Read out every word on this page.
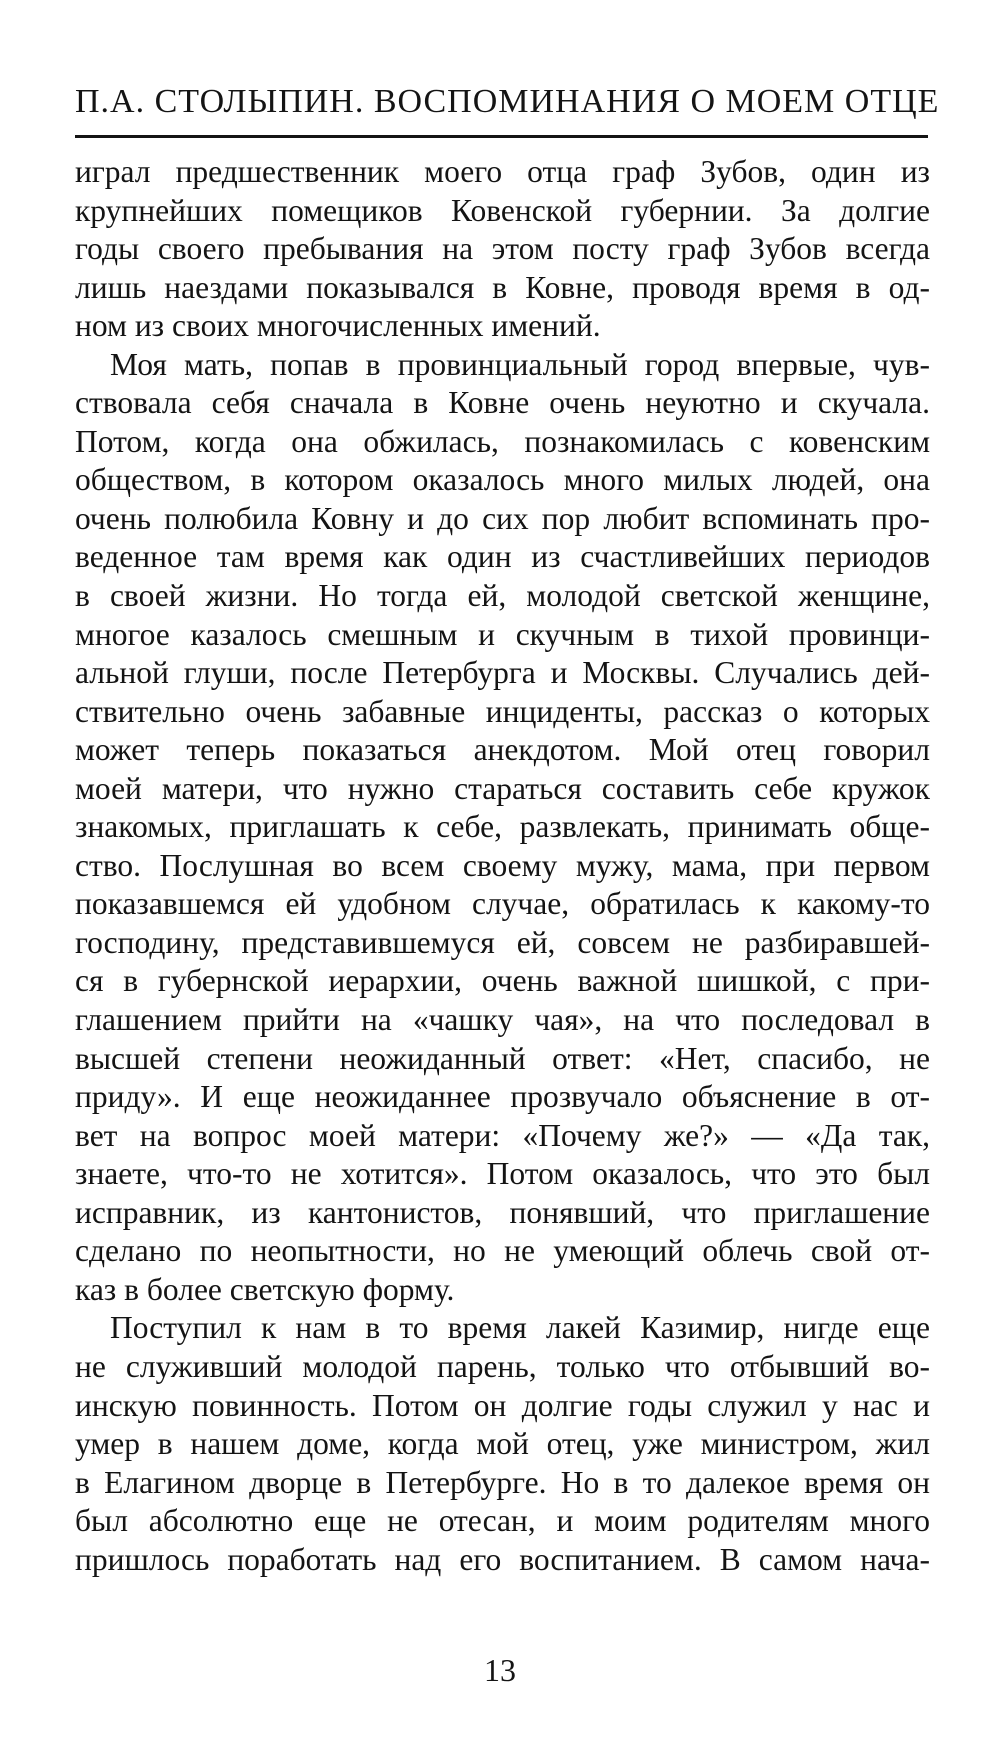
П.А. СТОЛЫПИН. ВОСПОМИНАНИЯ О МОЕМ ОТЦЕ
играл предшественник моего отца граф Зубов, один из
крупнейших помещиков Ковенской губернии. За долгие
годы своего пребывания на этом посту граф Зубов всегда
лишь наездами показывался в Ковне, проводя время в од-
ном из своих многочисленных имений.
Моя мать, попав в провинциальный город впервые, чув-
ствовала себя сначала в Ковне очень неуютно и скучала.
Потом, когда она обжилась, познакомилась с ковенским
обществом, в котором оказалось много милых людей, она
очень полюбила Ковну и до сих пор любит вспоминать про-
веденное там время как один из счастливейших периодов
в своей жизни. Но тогда ей, молодой светской женщине,
многое казалось смешным и скучным в тихой провинци-
альной глуши, после Петербурга и Москвы. Случались дей-
ствительно очень забавные инциденты, рассказ о которых
может теперь показаться анекдотом. Мой отец говорил
моей матери, что нужно стараться составить себе кружок
знакомых, приглашать к себе, развлекать, принимать обще-
ство. Послушная во всем своему мужу, мама, при первом
показавшемся ей удобном случае, обратилась к какому-то
господину, представившемуся ей, совсем не разбиравшей-
ся в губернской иерархии, очень важной шишкой, с при-
глашением прийти на «чашку чая», на что последовал в
высшей степени неожиданный ответ: «Нет, спасибо, не
приду». И еще неожиданнее прозвучало объяснение в от-
вет на вопрос моей матери: «Почему же?» — «Да так,
знаете, что-то не хотится». Потом оказалось, что это был
исправник, из кантонистов, понявший, что приглашение
сделано по неопытности, но не умеющий облечь свой от-
каз в более светскую форму.
Поступил к нам в то время лакей Казимир, нигде еще
не служивший молодой парень, только что отбывший во-
инскую повинность. Потом он долгие годы служил у нас и
умер в нашем доме, когда мой отец, уже министром, жил
в Елагином дворце в Петербурге. Но в то далекое время он
был абсолютно еще не отесан, и моим родителям много
пришлось поработать над его воспитанием. В самом нача-
13
